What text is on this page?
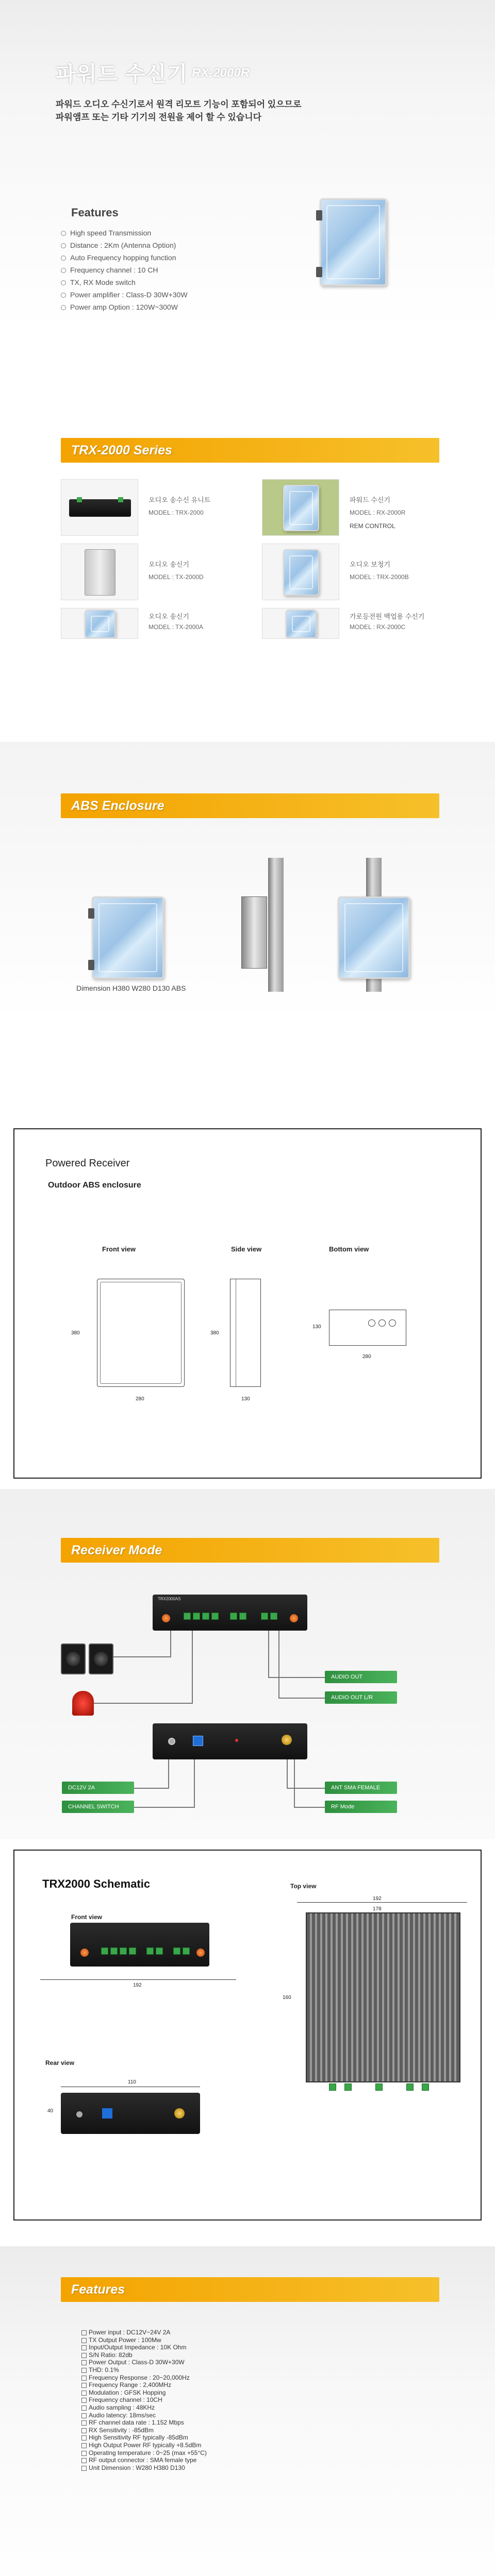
파워드 수신기 RX-2000R
파워드 오디오 수신기로서 원격 리모트 기능이 포함되어 있으므로
파워앰프 또는 기타 기기의 전원을 제어 할 수 있습니다
Features
High speed Transmission
Distance : 2Km (Antenna Option)
Auto Frequency hopping function
Frequency channel : 10 CH
TX, RX Mode switch
Power amplifier : Class-D 30W+30W
Power amp Option : 120W~300W
TRX-2000 Series
오디오 송수신 유니트
MODEL : TRX-2000
파워드 수신기
MODEL : RX-2000R
REM CONTROL
오디오 송신기
MODEL : TX-2000D
오디오 보청기
MODEL : TRX-2000B
오디오 송신기
MODEL : TX-2000A
가로등전원 백업용 수신기
MODEL : RX-2000C
ABS Enclosure
Dimension H380 W280 D130 ABS
Powered Receiver
Outdoor ABS enclosure
Front view	Side view	Bottom view
380
280
380
130
130
280
Receiver Mode
TRX2000AS
AUDIO OUT
AUDIO OUT L/R
DC12V 2A
CHANNEL SWITCH
ANT SMA FEMALE
RF Mode
TRX2000 Schematic
Front view
192
Rear view
110
40
Top view
192
178
160
Features
Power input : DC12V~24V 2A
TX Output Power : 100Mw
Input/Output Impedance : 10K Ohm
S/N Ratio: 82db
Power Output : Class-D 30W+30W
THD: 0.1%
Frequency Response : 20~20,000Hz
Frequency Range : 2,400MHz
Modulation : GFSK Hopping
Frequency channel : 10CH
Audio sampling : 48KHz
Audio latency: 18ms/sec
RF channel data rate : 1.152 Mbps
RX Sensitivity : -85dBm
High Sensitivity RF typically -85dBm
High Output Power RF typically +8.5dBm
Operating temperature : 0~25 (max +55°C)
RF output connector : SMA female type
Unit Dimension : W280 H380 D130
